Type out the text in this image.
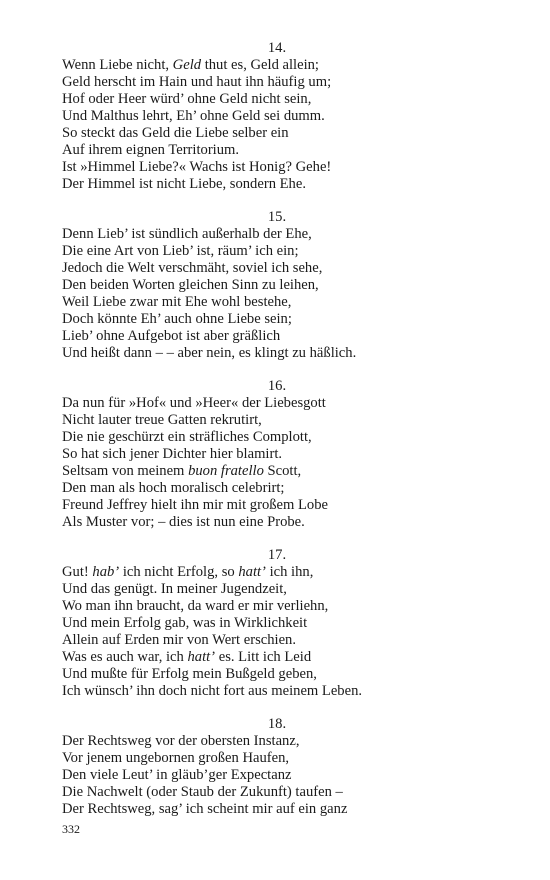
14.
Wenn Liebe nicht, Geld thut es, Geld allein;
Geld herscht im Hain und haut ihn häufig um;
Hof oder Heer würd’ ohne Geld nicht sein,
Und Malthus lehrt, Eh’ ohne Geld sei dumm.
So steckt das Geld die Liebe selber ein
Auf ihrem eignen Territorium.
Ist »Himmel Liebe?« Wachs ist Honig? Gehe!
Der Himmel ist nicht Liebe, sondern Ehe.
15.
Denn Lieb’ ist sündlich außerhalb der Ehe,
Die eine Art von Lieb’ ist, räum’ ich ein;
Jedoch die Welt verschmäht, soviel ich sehe,
Den beiden Worten gleichen Sinn zu leihen,
Weil Liebe zwar mit Ehe wohl bestehe,
Doch könnte Eh’ auch ohne Liebe sein;
Lieb’ ohne Aufgebot ist aber gräßlich
Und heißt dann – – aber nein, es klingt zu häßlich.
16.
Da nun für »Hof« und »Heer« der Liebesgott
Nicht lauter treue Gatten rekrutirt,
Die nie geschürzt ein sträfliches Complott,
So hat sich jener Dichter hier blamirt.
Seltsam von meinem buon fratello Scott,
Den man als hoch moralisch celebrirt;
Freund Jeffrey hielt ihn mir mit großem Lobe
Als Muster vor; – dies ist nun eine Probe.
17.
Gut! hab’ ich nicht Erfolg, so hatt’ ich ihn,
Und das genügt. In meiner Jugendzeit,
Wo man ihn braucht, da ward er mir verliehn,
Und mein Erfolg gab, was in Wirklichkeit
Allein auf Erden mir von Wert erschien.
Was es auch war, ich hatt’ es. Litt ich Leid
Und mußte für Erfolg mein Bußgeld geben,
Ich wünsch’ ihn doch nicht fort aus meinem Leben.
18.
Der Rechtsweg vor der obersten Instanz,
Vor jenem ungebornen großen Haufen,
Den viele Leut’ in gläub’ger Expectanz
Die Nachwelt (oder Staub der Zukunft) taufen –
Der Rechtsweg, sag’ ich scheint mir auf ein ganz
332
